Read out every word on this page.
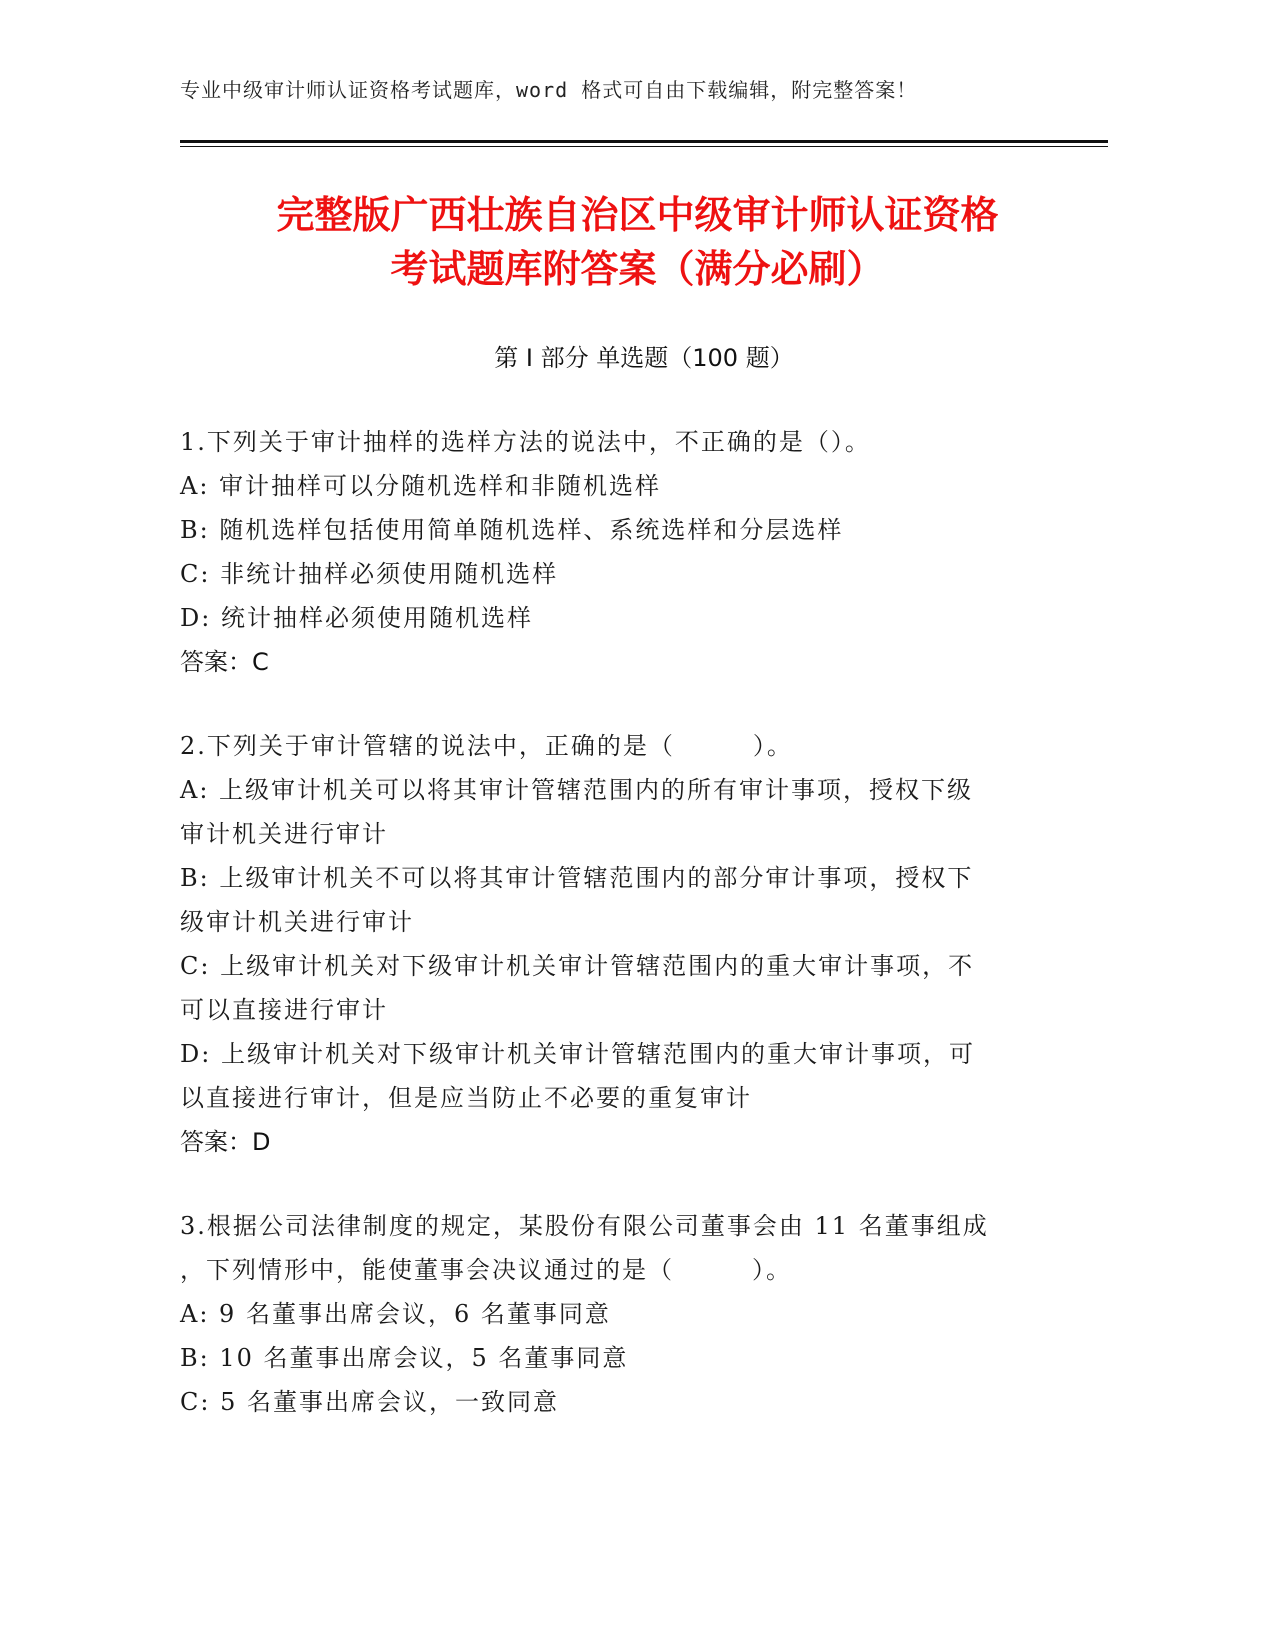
专业中级审计师认证资格考试题库，word 格式可自由下载编辑，附完整答案！
完整版广西壮族自治区中级审计师认证资格
考试题库附答案（满分必刷）
第 I 部分 单选题（100 题）
1.下列关于审计抽样的选样方法的说法中，不正确的是（）。
A: 审计抽样可以分随机选样和非随机选样
B: 随机选样包括使用简单随机选样、系统选样和分层选样
C: 非统计抽样必须使用随机选样
D: 统计抽样必须使用随机选样
答案：C
2.下列关于审计管辖的说法中，正确的是（　　　）。
A: 上级审计机关可以将其审计管辖范围内的所有审计事项，授权下级
审计机关进行审计
B: 上级审计机关不可以将其审计管辖范围内的部分审计事项，授权下
级审计机关进行审计
C: 上级审计机关对下级审计机关审计管辖范围内的重大审计事项，不
可以直接进行审计
D: 上级审计机关对下级审计机关审计管辖范围内的重大审计事项，可
以直接进行审计，但是应当防止不必要的重复审计
答案：D
3.根据公司法律制度的规定，某股份有限公司董事会由 11 名董事组成
，下列情形中，能使董事会决议通过的是（　　　）。
A: 9 名董事出席会议，6 名董事同意
B: 10 名董事出席会议，5 名董事同意
C: 5 名董事出席会议，一致同意
